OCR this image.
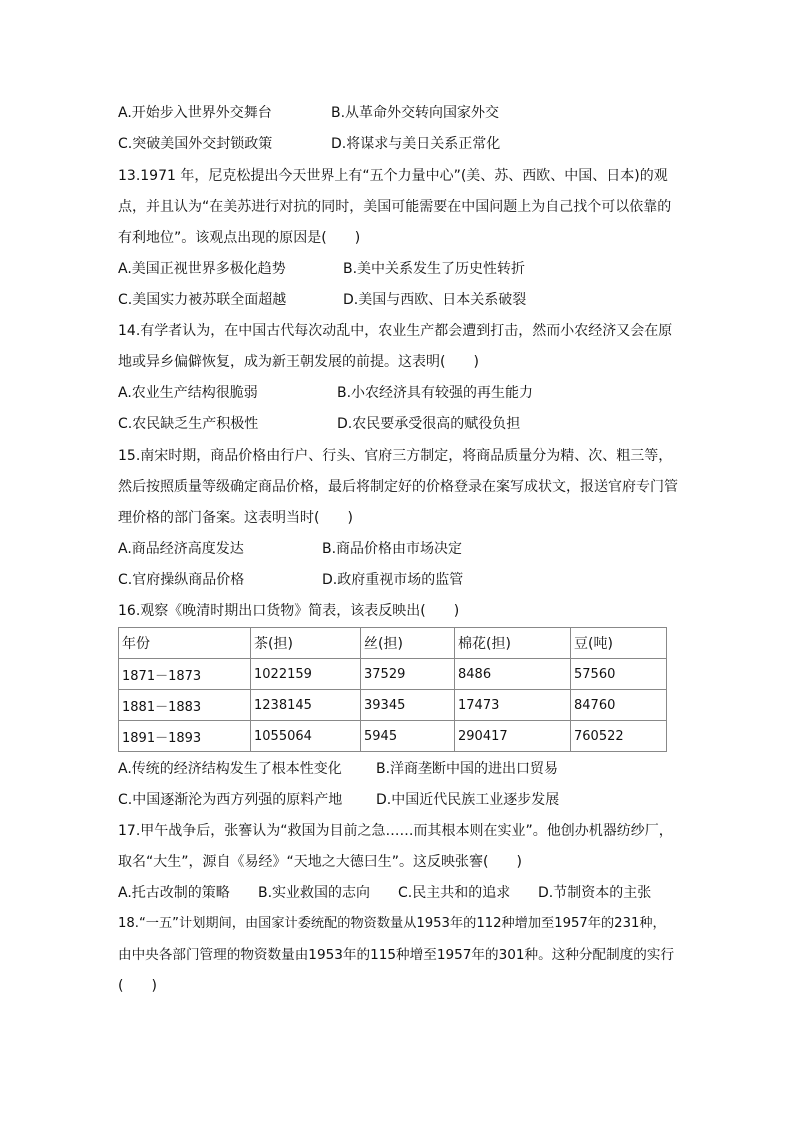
A.开始步入世界外交舞台	B.从革命外交转向国家外交
C.突破美国外交封锁政策	D.将谋求与美日关系正常化
13.1971 年，尼克松提出今天世界上有“五个力量中心”(美、苏、西欧、中国、日本)的观
点，并且认为“在美苏进行对抗的同时，美国可能需要在中国问题上为自己找个可以依靠的
有利地位”。该观点出现的原因是(　　)
A.美国正视世界多极化趋势	B.美中关系发生了历史性转折
C.美国实力被苏联全面超越	D.美国与西欧、日本关系破裂
14.有学者认为，在中国古代每次动乱中，农业生产都会遭到打击，然而小农经济又会在原
地或异乡偏僻恢复，成为新王朝发展的前提。这表明(　　)
A.农业生产结构很脆弱	B.小农经济具有较强的再生能力
C.农民缺乏生产积极性	D.农民要承受很高的赋役负担
15.南宋时期，商品价格由行户、行头、官府三方制定，将商品质量分为精、次、粗三等，
然后按照质量等级确定商品价格，最后将制定好的价格登录在案写成状文，报送官府专门管
理价格的部门备案。这表明当时(　　)
A.商品经济高度发达	B.商品价格由市场决定
C.官府操纵商品价格	D.政府重视市场的监管
16.观察《晚清时期出口货物》简表，该表反映出(　　)
年份	茶(担)	丝(担)	棉花(担)	豆(吨)
1871－1873	1022159	37529	8486	57560
1881－1883	1238145	39345	17473	84760
1891－1893	1055064	5945	290417	760522
A.传统的经济结构发生了根本性变化 B.洋商垄断中国的进出口贸易
C.中国逐渐沦为西方列强的原料产地 D.中国近代民族工业逐步发展
17.甲午战争后，张謇认为“救国为目前之急……而其根本则在实业”。他创办机器纺纱厂，
取名“大生”，源自《易经》“天地之大德曰生”。这反映张謇(　　)
A.托古改制的策略 B.实业救国的志向 C.民主共和的追求 D.节制资本的主张
18.“一五”计划期间，由国家计委统配的物资数量从1953年的112种增加至1957年的231种，
由中央各部门管理的物资数量由1953年的115种增至1957年的301种。这种分配制度的实行
(　　)
